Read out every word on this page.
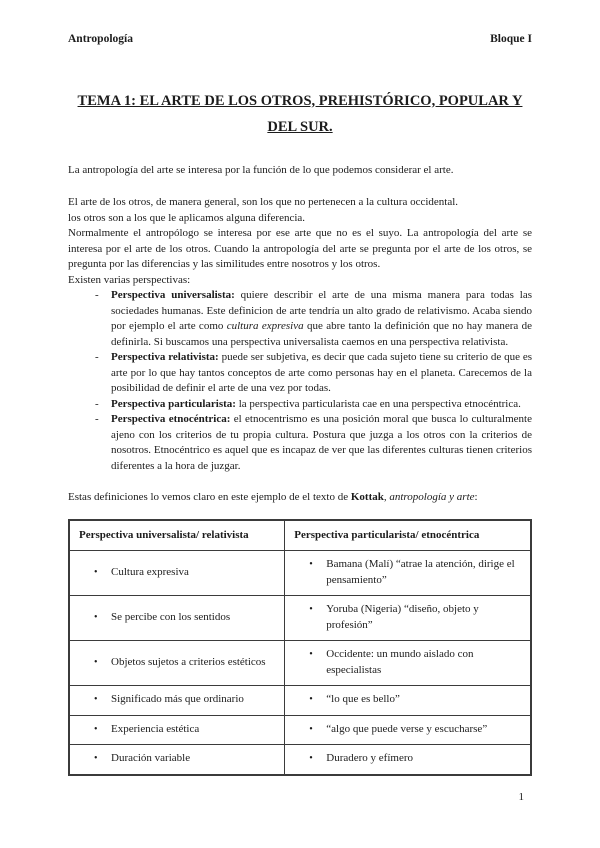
Antropología	Bloque I
TEMA 1: EL ARTE DE LOS OTROS, PREHISTÓRICO, POPULAR Y DEL SUR.

La antropología del arte se interesa por la función de lo que podemos considerar el arte.

El arte de los otros, de manera general, son los que no pertenecen a la cultura occidental.

los otros son a los que le aplicamos alguna diferencia.

Normalmente el antropólogo se interesa por ese arte que no es el suyo. La antropología del arte se interesa por el arte de los otros. Cuando la antropología del arte se pregunta por el arte de los otros, se pregunta por las diferencias y las similitudes entre nosotros y los otros.

Existen varias perspectivas:

-	Perspectiva universalista: quiere describir el arte de una misma manera para todas las sociedades humanas. Este definicion de arte tendría un alto grado de relativismo. Acaba siendo por ejemplo el arte como cultura expresiva que abre tanto la definición que no hay manera de definirla. Si buscamos una perspectiva universalista caemos en una perspectiva relativista.

-	Perspectiva relativista: puede ser subjetiva, es decir que cada sujeto tiene su criterio de que es arte por lo que hay tantos conceptos de arte como personas hay en el planeta. Carecemos de la posibilidad de definir el arte de una vez por todas.

-	Perspectiva particularista: la perspectiva particularista cae en una perspectiva etnocéntrica.

-	Perspectiva etnocéntrica: el etnocentrismo es una posición moral que busca lo culturalmente ajeno con los criterios de tu propia cultura. Postura que juzga a los otros con la criterios de nosotros. Etnocéntrico es aquel que es incapaz de ver que las diferentes culturas tienen criterios diferentes a la hora de juzgar.

Estas definiciones lo vemos claro en este ejemplo de el texto de Kottak, antropología y arte:

Perspectiva universalista/ relativista	Perspectiva particularista/ etnocéntrica

• Cultura expresiva	• Bamana (Malí) “atrae la atención, dirige el pensamiento”

• Se percibe con los sentidos	• Yoruba (Nigeria) “diseño, objeto y profesión”

• Objetos sujetos a criterios estéticos	• Occidente: un mundo aislado con especialistas

• Significado más que ordinario	• “lo que es bello”

• Experiencia estética	• “algo que puede verse y escucharse”

• Duración variable	• Duradero y efímero
1
